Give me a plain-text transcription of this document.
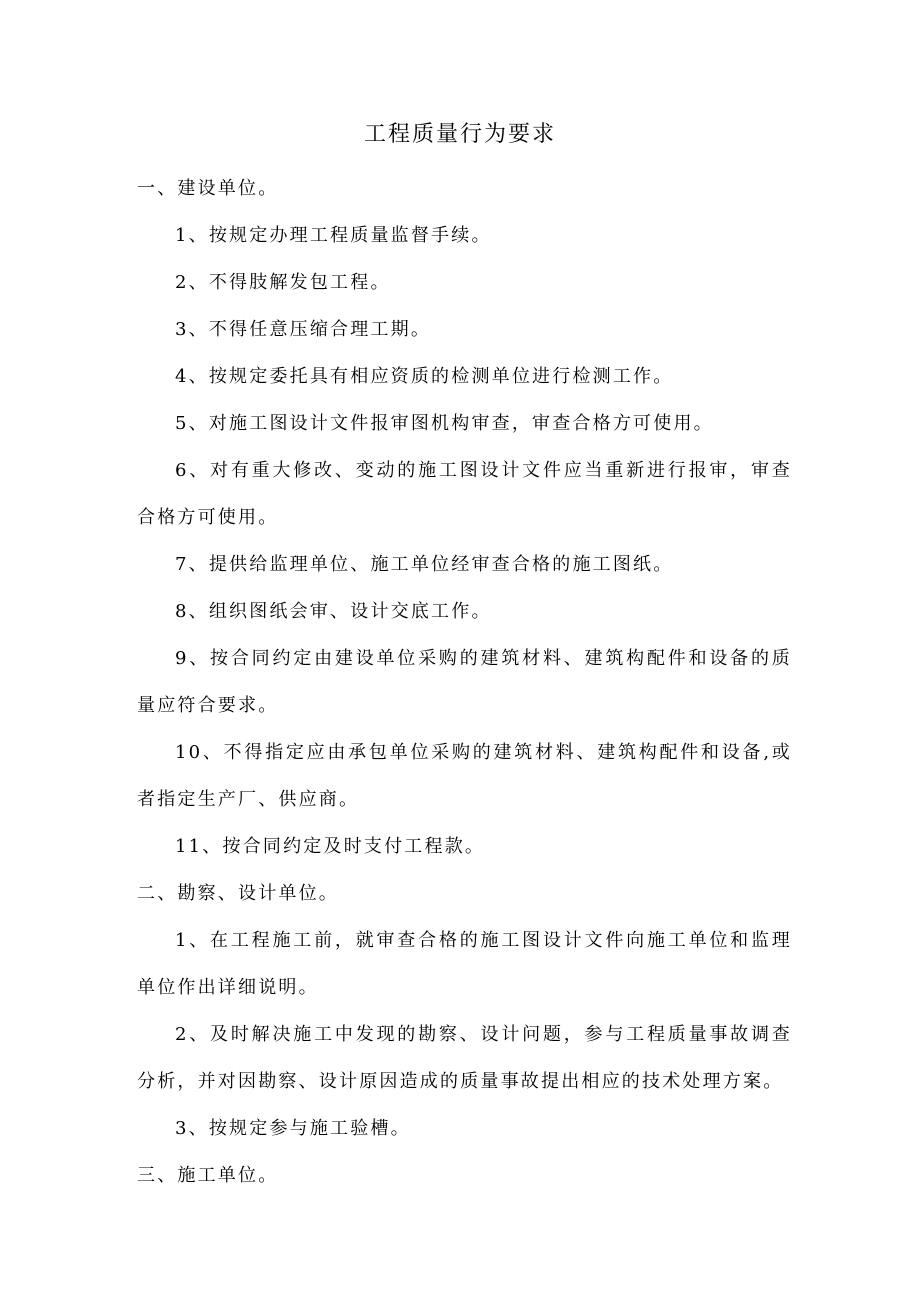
工程质量行为要求

一、建设单位。

1、按规定办理工程质量监督手续。

2、不得肢解发包工程。

3、不得任意压缩合理工期。

4、按规定委托具有相应资质的检测单位进行检测工作。

5、对施工图设计文件报审图机构审查，审查合格方可使用。

6、对有重大修改、变动的施工图设计文件应当重新进行报审，审查合格方可使用。

7、提供给监理单位、施工单位经审查合格的施工图纸。

8、组织图纸会审、设计交底工作。

9、按合同约定由建设单位采购的建筑材料、建筑构配件和设备的质量应符合要求。

10、不得指定应由承包单位采购的建筑材料、建筑构配件和设备,或者指定生产厂、供应商。

11、按合同约定及时支付工程款。

二、勘察、设计单位。

1、在工程施工前，就审查合格的施工图设计文件向施工单位和监理单位作出详细说明。

2、及时解决施工中发现的勘察、设计问题，参与工程质量事故调查分析，并对因勘察、设计原因造成的质量事故提出相应的技术处理方案。

3、按规定参与施工验槽。

三、施工单位。
